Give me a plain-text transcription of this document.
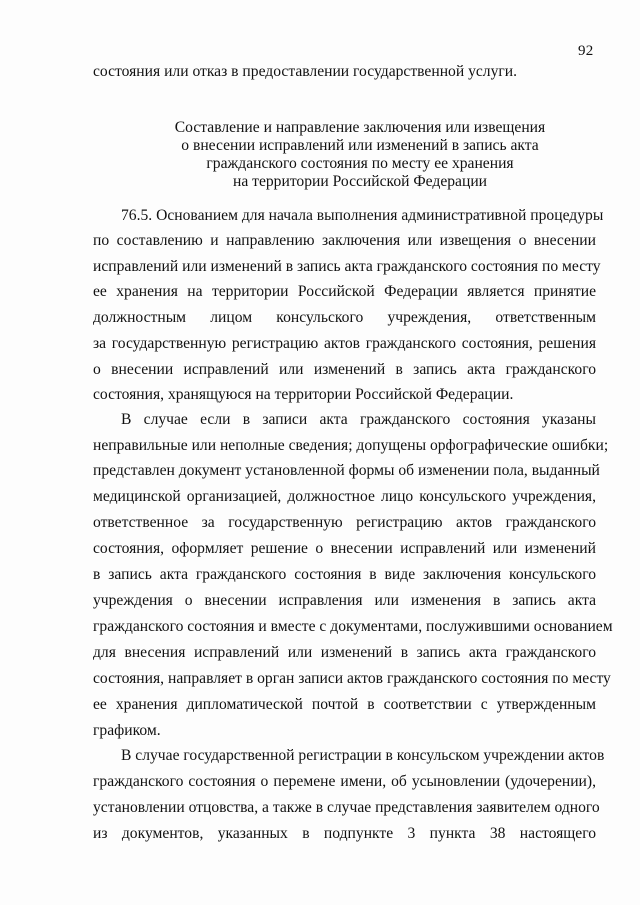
92
состояния или отказ в предоставлении государственной услуги.
Составление и направление заключения или извещения
о внесении исправлений или изменений в запись акта
гражданского состояния по месту ее хранения
на территории Российской Федерации
76.5. Основанием для начала выполнения административной процедуры
по составлению и направлению заключения или извещения о внесении
исправлений или изменений в запись акта гражданского состояния по месту
ее хранения на территории Российской Федерации является принятие
должностным лицом консульского учреждения, ответственным
за государственную регистрацию актов гражданского состояния, решения
о внесении исправлений или изменений в запись акта гражданского
состояния, хранящуюся на территории Российской Федерации.
В случае если в записи акта гражданского состояния указаны
неправильные или неполные сведения; допущены орфографические ошибки;
представлен документ установленной формы об изменении пола, выданный
медицинской организацией, должностное лицо консульского учреждения,
ответственное за государственную регистрацию актов гражданского
состояния, оформляет решение о внесении исправлений или изменений
в запись акта гражданского состояния в виде заключения консульского
учреждения о внесении исправления или изменения в запись акта
гражданского состояния и вместе с документами, послужившими основанием
для внесения исправлений или изменений в запись акта гражданского
состояния, направляет в орган записи актов гражданского состояния по месту
ее хранения дипломатической почтой в соответствии с утвержденным
графиком.
В случае государственной регистрации в консульском учреждении актов
гражданского состояния о перемене имени, об усыновлении (удочерении),
установлении отцовства, а также в случае представления заявителем одного
из документов, указанных в подпункте 3 пункта 38 настоящего
